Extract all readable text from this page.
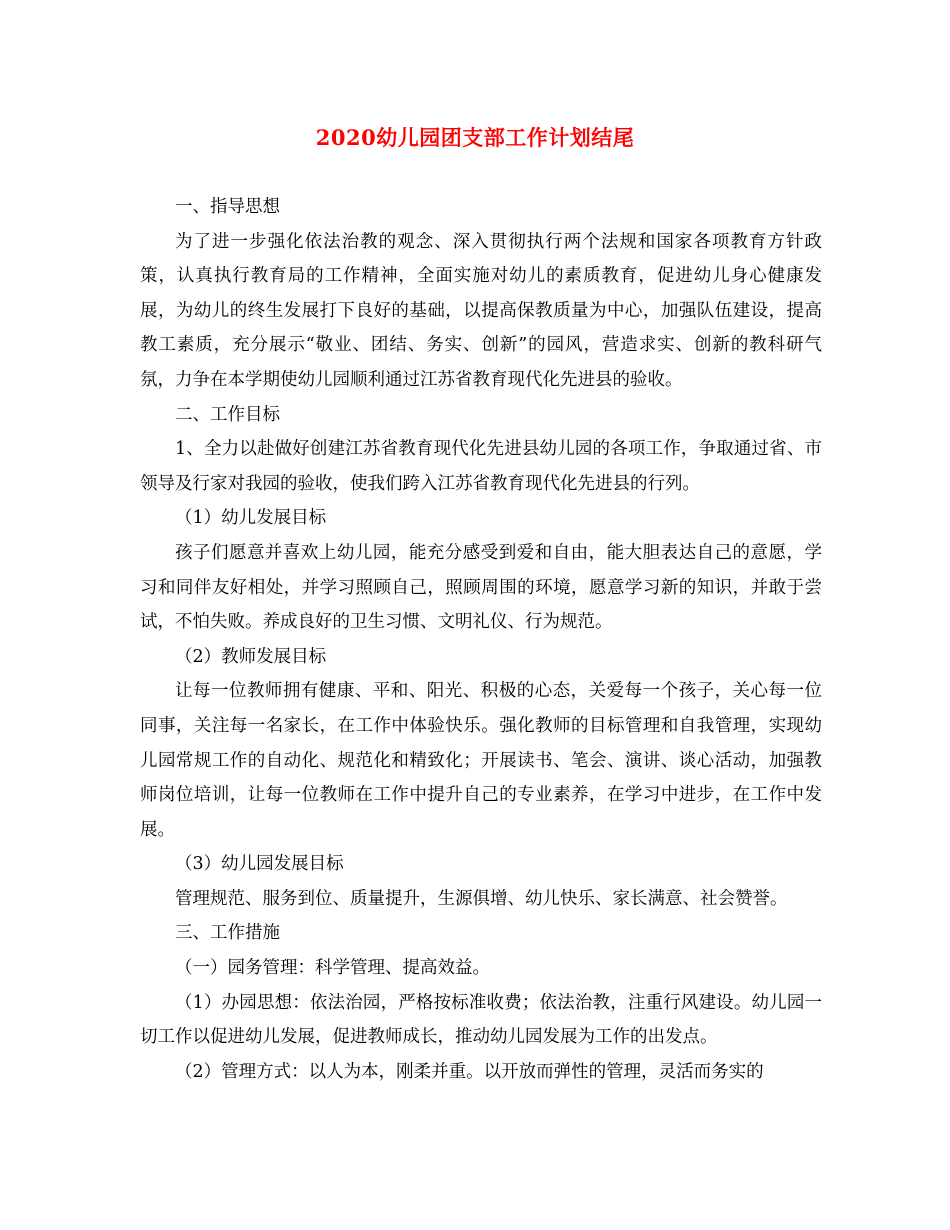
2020幼儿园团支部工作计划结尾

一、指导思想

为了进一步强化依法治教的观念、深入贯彻执行两个法规和国家各项教育方针政策，认真执行教育局的工作精神，全面实施对幼儿的素质教育，促进幼儿身心健康发展，为幼儿的终生发展打下良好的基础，以提高保教质量为中心，加强队伍建设，提高教工素质，充分展示“敬业、团结、务实、创新”的园风，营造求实、创新的教科研气氛，力争在本学期使幼儿园顺利通过江苏省教育现代化先进县的验收。

二、工作目标

1、全力以赴做好创建江苏省教育现代化先进县幼儿园的各项工作，争取通过省、市领导及行家对我园的验收，使我们跨入江苏省教育现代化先进县的行列。

（1）幼儿发展目标

孩子们愿意并喜欢上幼儿园，能充分感受到爱和自由，能大胆表达自己的意愿，学习和同伴友好相处，并学习照顾自己，照顾周围的环境，愿意学习新的知识，并敢于尝试，不怕失败。养成良好的卫生习惯、文明礼仪、行为规范。

（2）教师发展目标

让每一位教师拥有健康、平和、阳光、积极的心态，关爱每一个孩子，关心每一位同事，关注每一名家长，在工作中体验快乐。强化教师的目标管理和自我管理，实现幼儿园常规工作的自动化、规范化和精致化；开展读书、笔会、演讲、谈心活动，加强教师岗位培训，让每一位教师在工作中提升自己的专业素养，在学习中进步，在工作中发展。

（3）幼儿园发展目标

管理规范、服务到位、质量提升，生源俱增、幼儿快乐、家长满意、社会赞誉。

三、工作措施

（一）园务管理：科学管理、提高效益。

（1）办园思想：依法治园，严格按标准收费；依法治教，注重行风建设。幼儿园一切工作以促进幼儿发展，促进教师成长，推动幼儿园发展为工作的出发点。

（2）管理方式：以人为本，刚柔并重。以开放而弹性的管理，灵活而务实的
